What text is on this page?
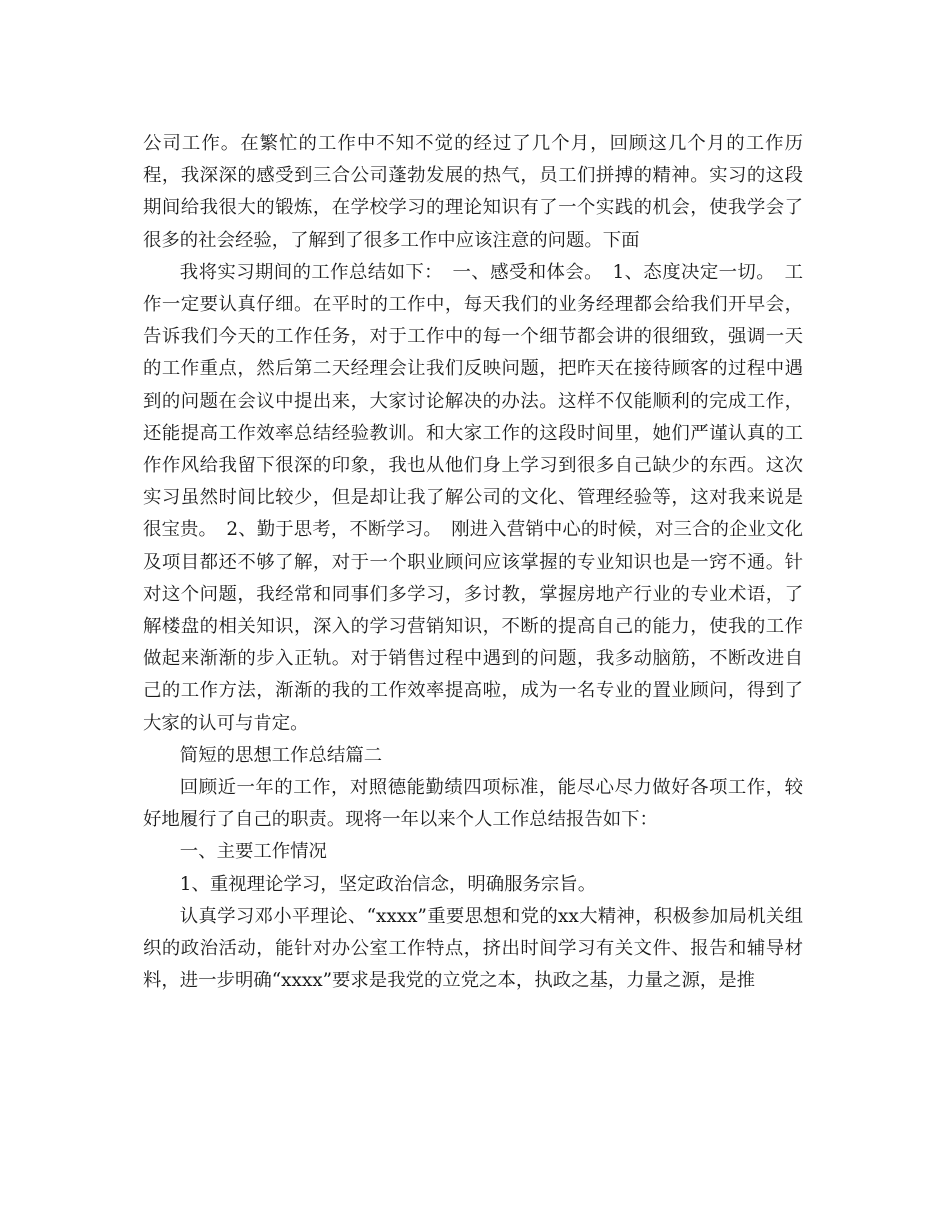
公司工作。在繁忙的工作中不知不觉的经过了几个月，回顾这几个月的工作历程，我深深的感受到三合公司蓬勃发展的热气，员工们拼搏的精神。实习的这段期间给我很大的锻炼，在学校学习的理论知识有了一个实践的机会，使我学会了很多的社会经验，了解到了很多工作中应该注意的问题。下面

我将实习期间的工作总结如下：　一、感受和体会。　1、态度决定一切。　工作一定要认真仔细。在平时的工作中，每天我们的业务经理都会给我们开早会，告诉我们今天的工作任务，对于工作中的每一个细节都会讲的很细致，强调一天的工作重点，然后第二天经理会让我们反映问题，把昨天在接待顾客的过程中遇到的问题在会议中提出来，大家讨论解决的办法。这样不仅能顺利的完成工作，还能提高工作效率总结经验教训。和大家工作的这段时间里，她们严谨认真的工作作风给我留下很深的印象，我也从他们身上学习到很多自己缺少的东西。这次实习虽然时间比较少，但是却让我了解公司的文化、管理经验等，这对我来说是很宝贵。　2、勤于思考，不断学习。　刚进入营销中心的时候，对三合的企业文化及项目都还不够了解，对于一个职业顾问应该掌握的专业知识也是一窍不通。针对这个问题，我经常和同事们多学习，多讨教，掌握房地产行业的专业术语，了解楼盘的相关知识，深入的学习营销知识，不断的提高自己的能力，使我的工作做起来渐渐的步入正轨。对于销售过程中遇到的问题，我多动脑筋，不断改进自己的工作方法，渐渐的我的工作效率提高啦，成为一名专业的置业顾问，得到了大家的认可与肯定。

简短的思想工作总结篇二

回顾近一年的工作，对照德能勤绩四项标准，能尽心尽力做好各项工作，较好地履行了自己的职责。现将一年以来个人工作总结报告如下：

一、主要工作情况

1、重视理论学习，坚定政治信念，明确服务宗旨。

认真学习邓小平理论、“xxxx”重要思想和党的xx大精神，积极参加局机关组织的政治活动，能针对办公室工作特点，挤出时间学习有关文件、报告和辅导材料，进一步明确“xxxx”要求是我党的立党之本，执政之基，力量之源，是推
